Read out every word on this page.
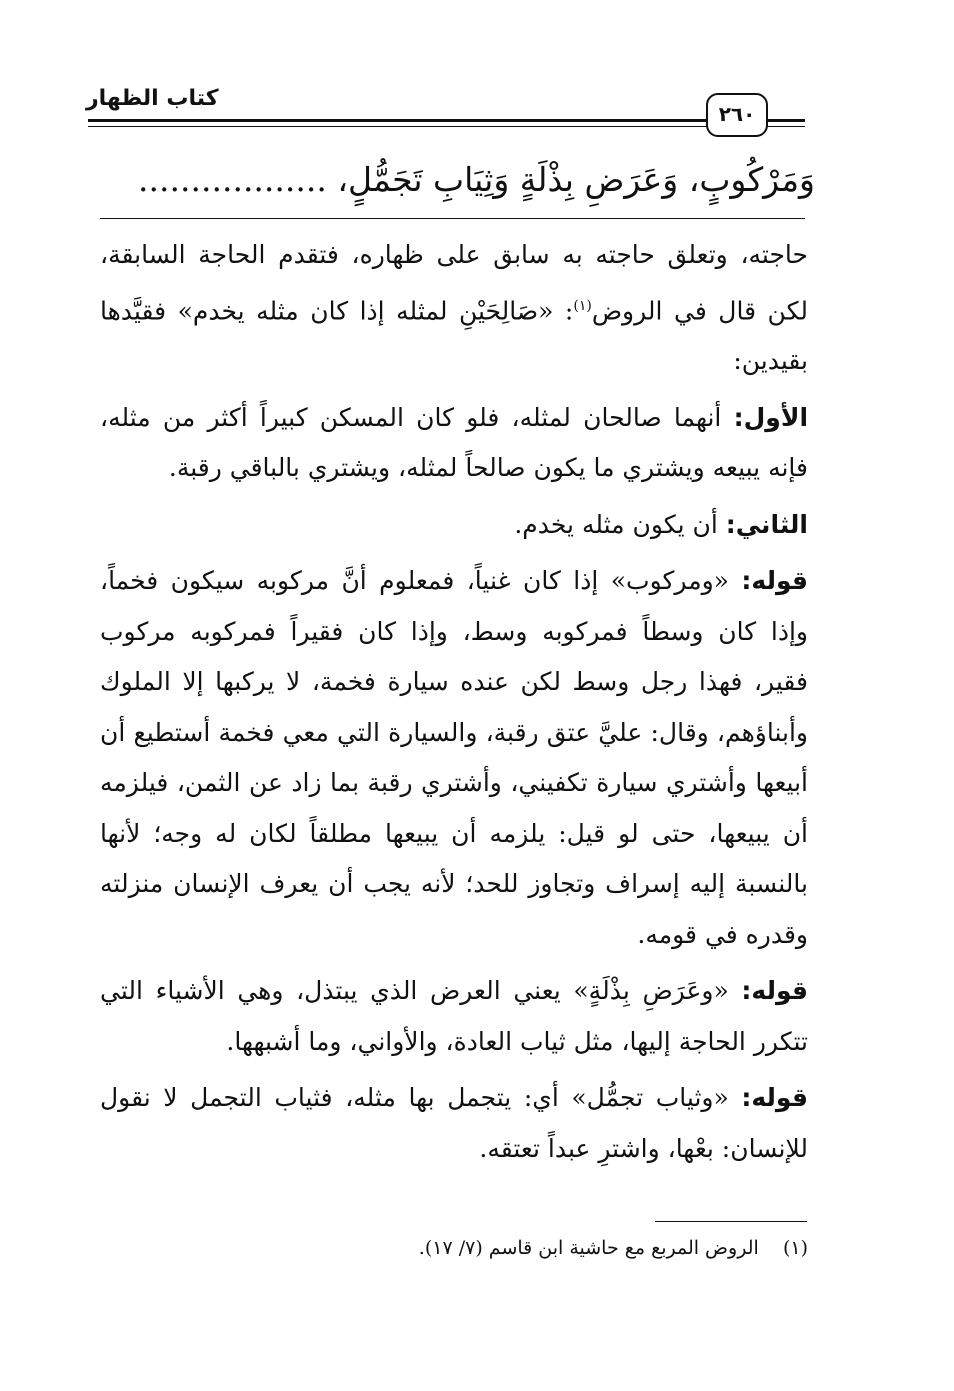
كتاب الظهار
٢٦٠
وَمَرْكُوبٍ، وَعَرَضِ بِذْلَةٍ وَثِيَابِ تَجَمُّلٍ، ..................

حاجته، وتعلق حاجته به سابق على ظهاره، فتقدم الحاجة السابقة، لكن قال في الروض$^{(١)}$: «صَالِحَيْنِ لمثله إذا كان مثله يخدم» فقيَّدها بقيدين:

الأول: أنهما صالحان لمثله، فلو كان المسكن كبيراً أكثر من مثله، فإنه يبيعه ويشتري ما يكون صالحاً لمثله، ويشتري بالباقي رقبة.

الثاني: أن يكون مثله يخدم.

قوله: «ومركوب» إذا كان غنياً، فمعلوم أنَّ مركوبه سيكون فخماً، وإذا كان وسطاً فمركوبه وسط، وإذا كان فقيراً فمركوبه مركوب فقير، فهذا رجل وسط لكن عنده سيارة فخمة، لا يركبها إلا الملوك وأبناؤهم، وقال: عليَّ عتق رقبة، والسيارة التي معي فخمة أستطيع أن أبيعها وأشتري سيارة تكفيني، وأشتري رقبة بما زاد عن الثمن، فيلزمه أن يبيعها، حتى لو قيل: يلزمه أن يبيعها مطلقاً لكان له وجه؛ لأنها بالنسبة إليه إسراف وتجاوز للحد؛ لأنه يجب أن يعرف الإنسان منزلته وقدره في قومه.

قوله: «وعَرَضِ بِذْلَةٍ» يعني العرض الذي يبتذل، وهي الأشياء التي تتكرر الحاجة إليها، مثل ثياب العادة، والأواني، وما أشبهها.

قوله: «وثياب تجمُّل» أي: يتجمل بها مثله، فثياب التجمل لا نقول للإنسان: بعْها، واشترِ عبداً تعتقه.

(١)    الروض المربع مع حاشية ابن قاسم (٧/ ١٧).
